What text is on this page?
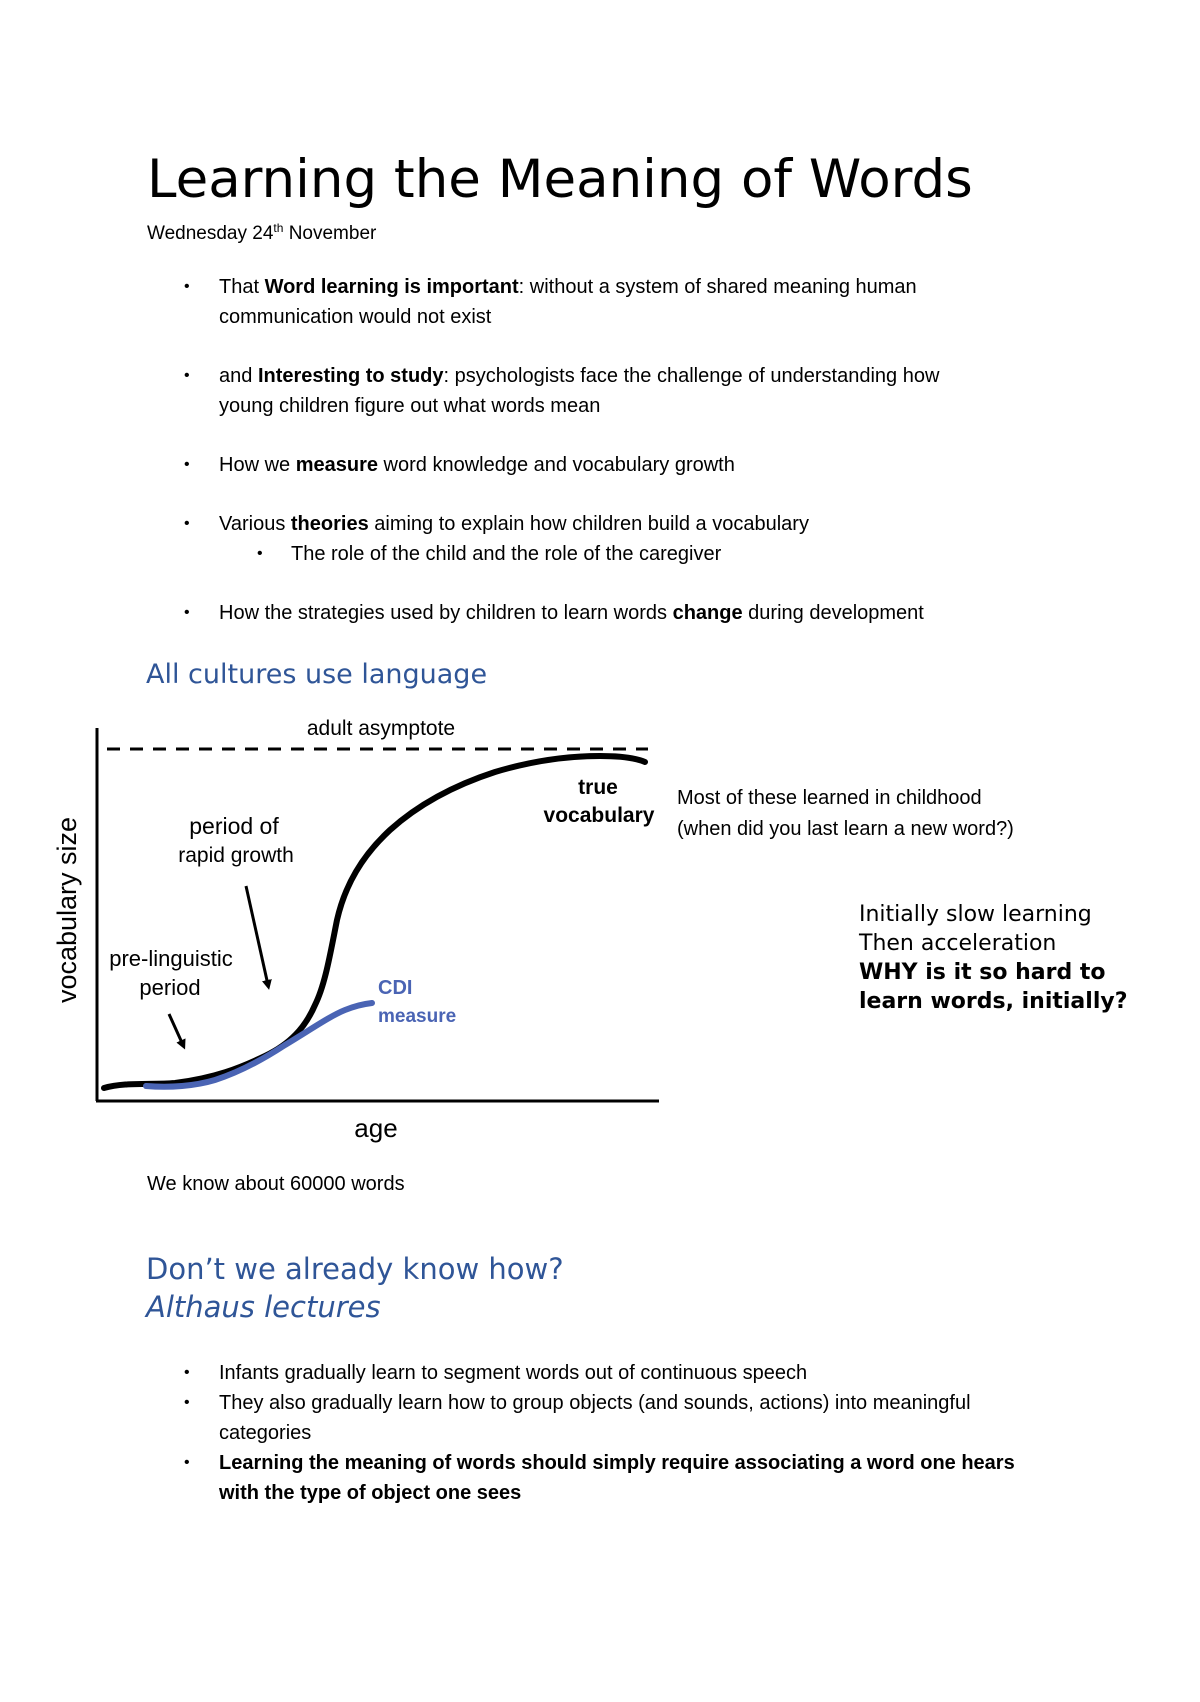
Learning the Meaning of Words
Wednesday 24th November
• That Word learning is important: without a system of shared meaning human
communication would not exist
• and Interesting to study: psychologists face the challenge of understanding how
young children figure out what words mean
• How we measure word knowledge and vocabulary growth
• Various theories aiming to explain how children build a vocabulary
• The role of the child and the role of the caregiver
• How the strategies used by children to learn words change during development
All cultures use language
adult asymptote
true
vocabulary
period of
rapid growth
pre-linguistic
period	CDI
measure
vocabulary size
age
Most of these learned in childhood
(when did you last learn a new word?)
Initially slow learning
Then acceleration
WHY is it so hard to
learn words, initially?
We know about 60000 words
Don’t we already know how?
Althaus lectures
• Infants gradually learn to segment words out of continuous speech
• They also gradually learn how to group objects (and sounds, actions) into meaningful
categories
• Learning the meaning of words should simply require associating a word one hears
with the type of object one sees
